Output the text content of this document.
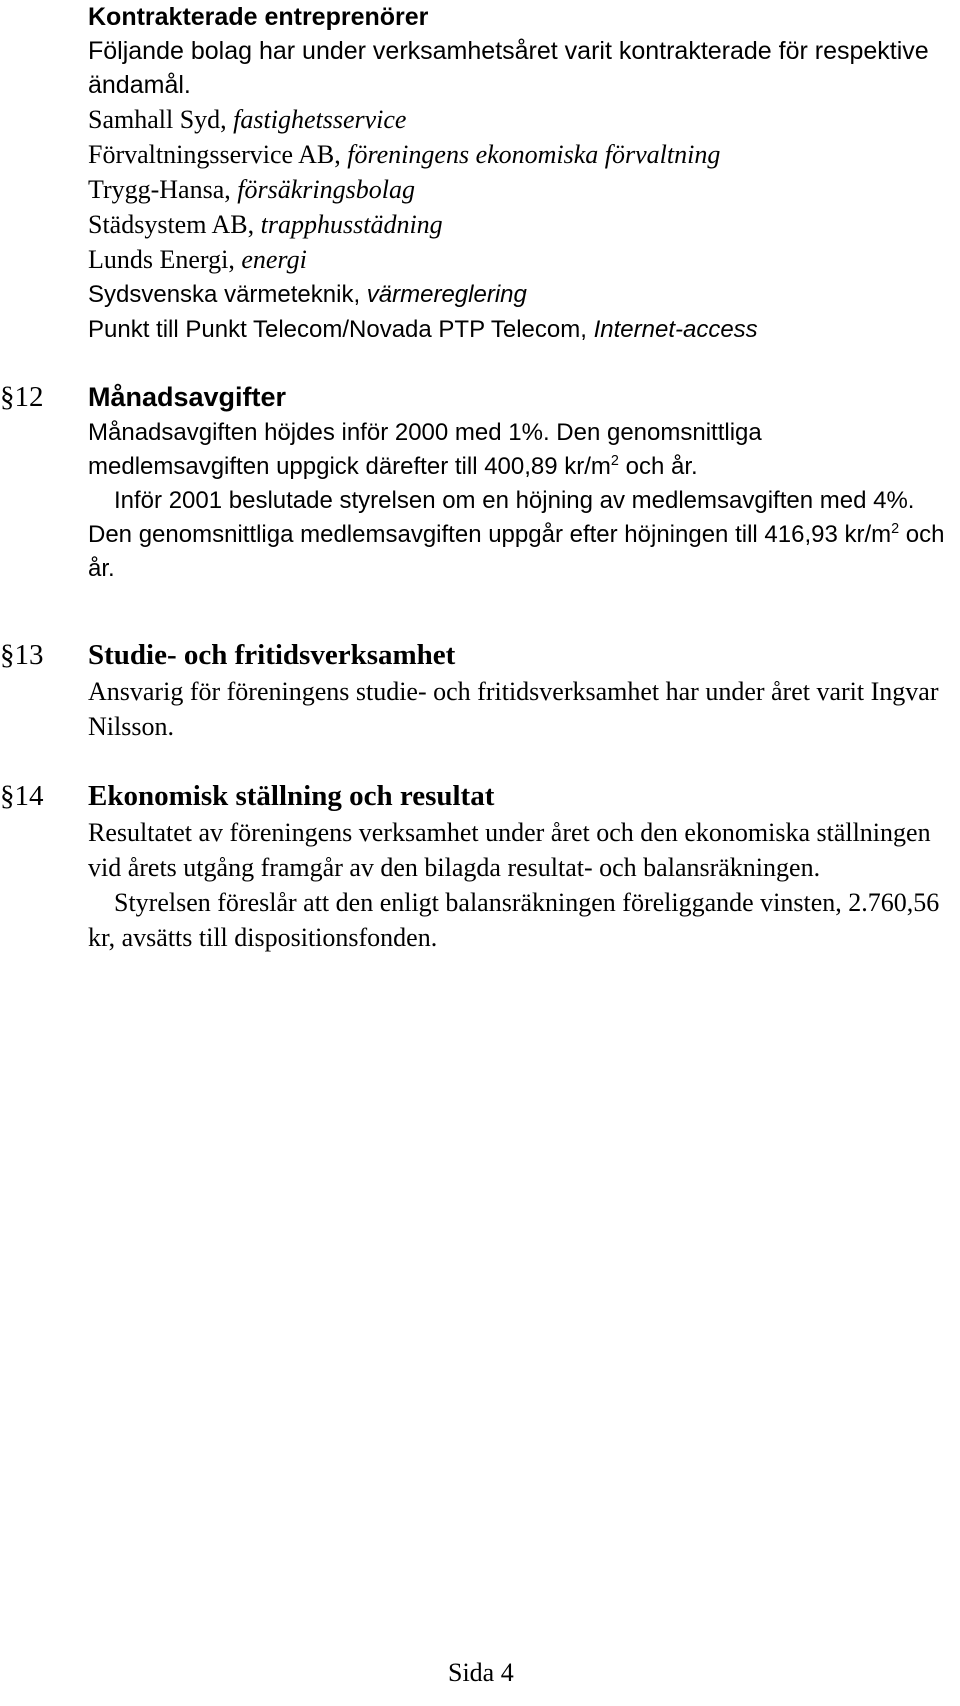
Kontrakterade entreprenörer

Följande bolag har under verksamhetsåret varit kontrakterade för respektive ändamål.

Samhall Syd, fastighetsservice
Förvaltningsservice AB, föreningens ekonomiska förvaltning
Trygg-Hansa, försäkringsbolag
Städsystem AB, trapphusstädning
Lunds Energi, energi
Sydsvenska värmeteknik, värmereglering
Punkt till Punkt Telecom/Novada PTP Telecom, Internet-access
§12 Månadsavgifter

Månadsavgiften höjdes inför 2000 med 1%. Den genomsnittliga medlemsavgiften uppgick därefter till 400,89 $kr/m^2$ och år.

Inför 2001 beslutade styrelsen om en höjning av medlemsavgiften med 4%. Den genomsnittliga medlemsavgiften uppgår efter höjningen till 416,93 $kr/m^2$ och år.

§13 Studie- och fritidsverksamhet

Ansvarig för föreningens studie- och fritidsverksamhet har under året varit Ingvar Nilsson.

§14 Ekonomisk ställning och resultat

Resultatet av föreningens verksamhet under året och den ekonomiska ställningen vid årets utgång framgår av den bilagda resultat- och balansräkningen.

Styrelsen föreslår att den enligt balansräkningen föreliggande vinsten, 2.760,56 kr, avsätts till dispositionsfonden.

Sida 4
